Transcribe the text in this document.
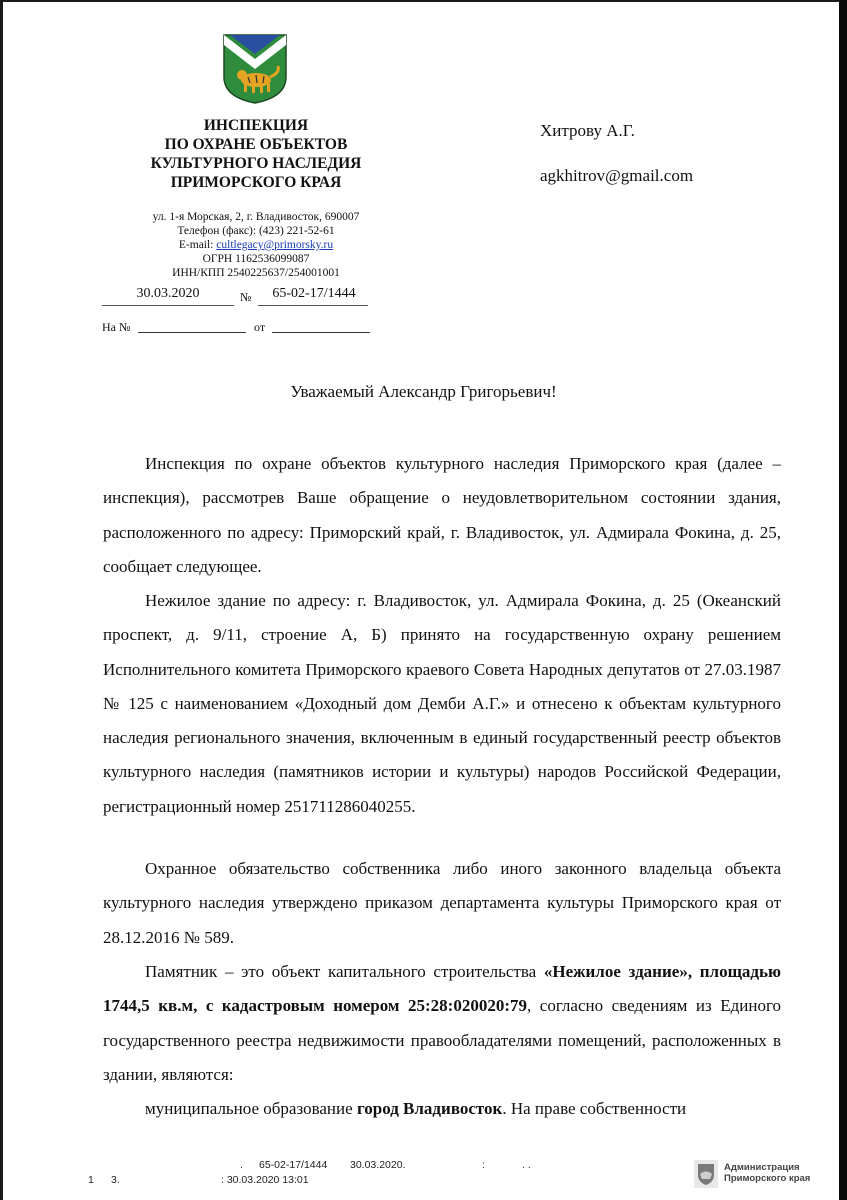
ИНСПЕКЦИЯ
ПО ОХРАНЕ ОБЪЕКТОВ
КУЛЬТУРНОГО НАСЛЕДИЯ
ПРИМОРСКОГО КРАЯ
ул. 1-я Морская, 2, г. Владивосток, 690007
Телефон (факс): (423) 221-52-61
E-mail: cultlegacy@primorsky.ru
ОГРН 1162536099087
ИНН/КПП 2540225637/254001001
30.03.2020	№	65-02-17/1444
На №	от
Хитрову А.Г.
agkhitrov@gmail.com
Уважаемый Александр Григорьевич!
Инспекция по охране объектов культурного наследия Приморского края (далее – инспекция), рассмотрев Ваше обращение о неудовлетворительном состоянии здания, расположенного по адресу: Приморский край, г. Владивосток, ул. Адмирала Фокина, д. 25, сообщает следующее.
Нежилое здание по адресу: г. Владивосток, ул. Адмирала Фокина, д. 25 (Океанский проспект, д. 9/11, строение А, Б) принято на государственную охрану решением Исполнительного комитета Приморского краевого Совета Народных депутатов от 27.03.1987 № 125 с наименованием «Доходный дом Демби А.Г.» и отнесено к объектам культурного наследия регионального значения, включенным в единый государственный реестр объектов культурного наследия (памятников истории и культуры) народов Российской Федерации, регистрационный номер 251711286040255.
Охранное обязательство собственника либо иного законного владельца объекта культурного наследия утверждено приказом департамента культуры Приморского края от 28.12.2016 № 589.
Памятник – это объект капитального строительства «Нежилое здание», площадью 1744,5 кв.м, с кадастровым номером 25:28:020020:79, согласно сведениям из Единого государственного реестра недвижимости правообладателями помещений, расположенных в здании, являются:
муниципальное образование город Владивосток. На праве собственности
. 65-02-17/1444 30.03.2020.	:	. .
1 3.	: 30.03.2020 13:01
Администрация
Приморского края
